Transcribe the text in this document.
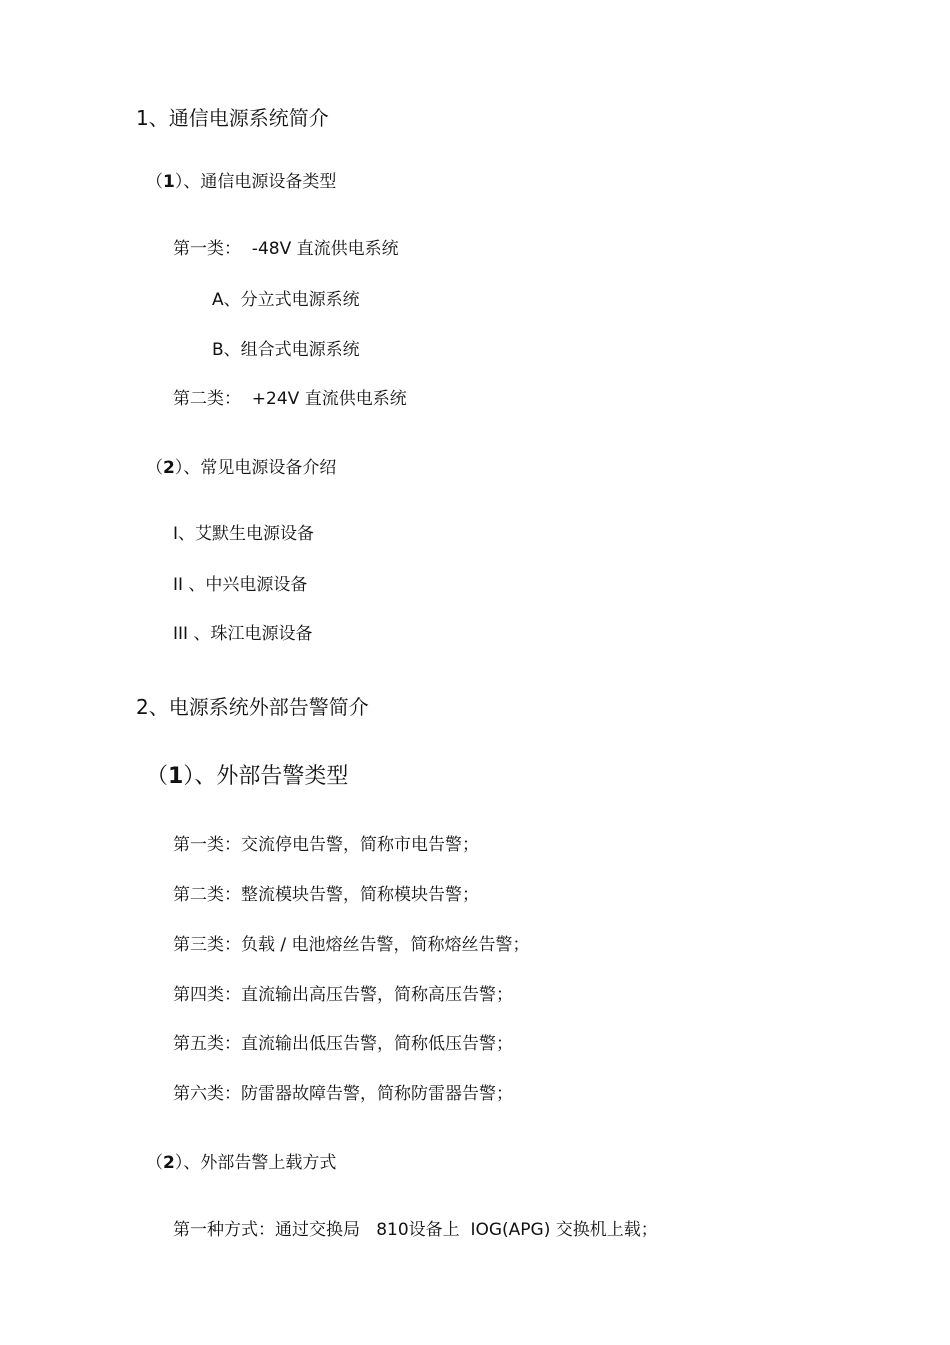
1、通信电源系统简介
（1）、通信电源设备类型
第一类：  -48V 直流供电系统
A、分立式电源系统
B、组合式电源系统
第二类：  +24V 直流供电系统
（2）、常见电源设备介绍
I、艾默生电源设备
II 、中兴电源设备
III 、珠江电源设备
2、电源系统外部告警简介
（1）、外部告警类型
第一类：交流停电告警，简称市电告警；
第二类：整流模块告警，简称模块告警；
第三类：负载 / 电池熔丝告警，简称熔丝告警；
第四类：直流输出高压告警，简称高压告警；
第五类：直流输出低压告警，简称低压告警；
第六类：防雷器故障告警，简称防雷器告警；
（2）、外部告警上载方式
第一种方式：通过交换局   810设备上  IOG(APG) 交换机上载；
